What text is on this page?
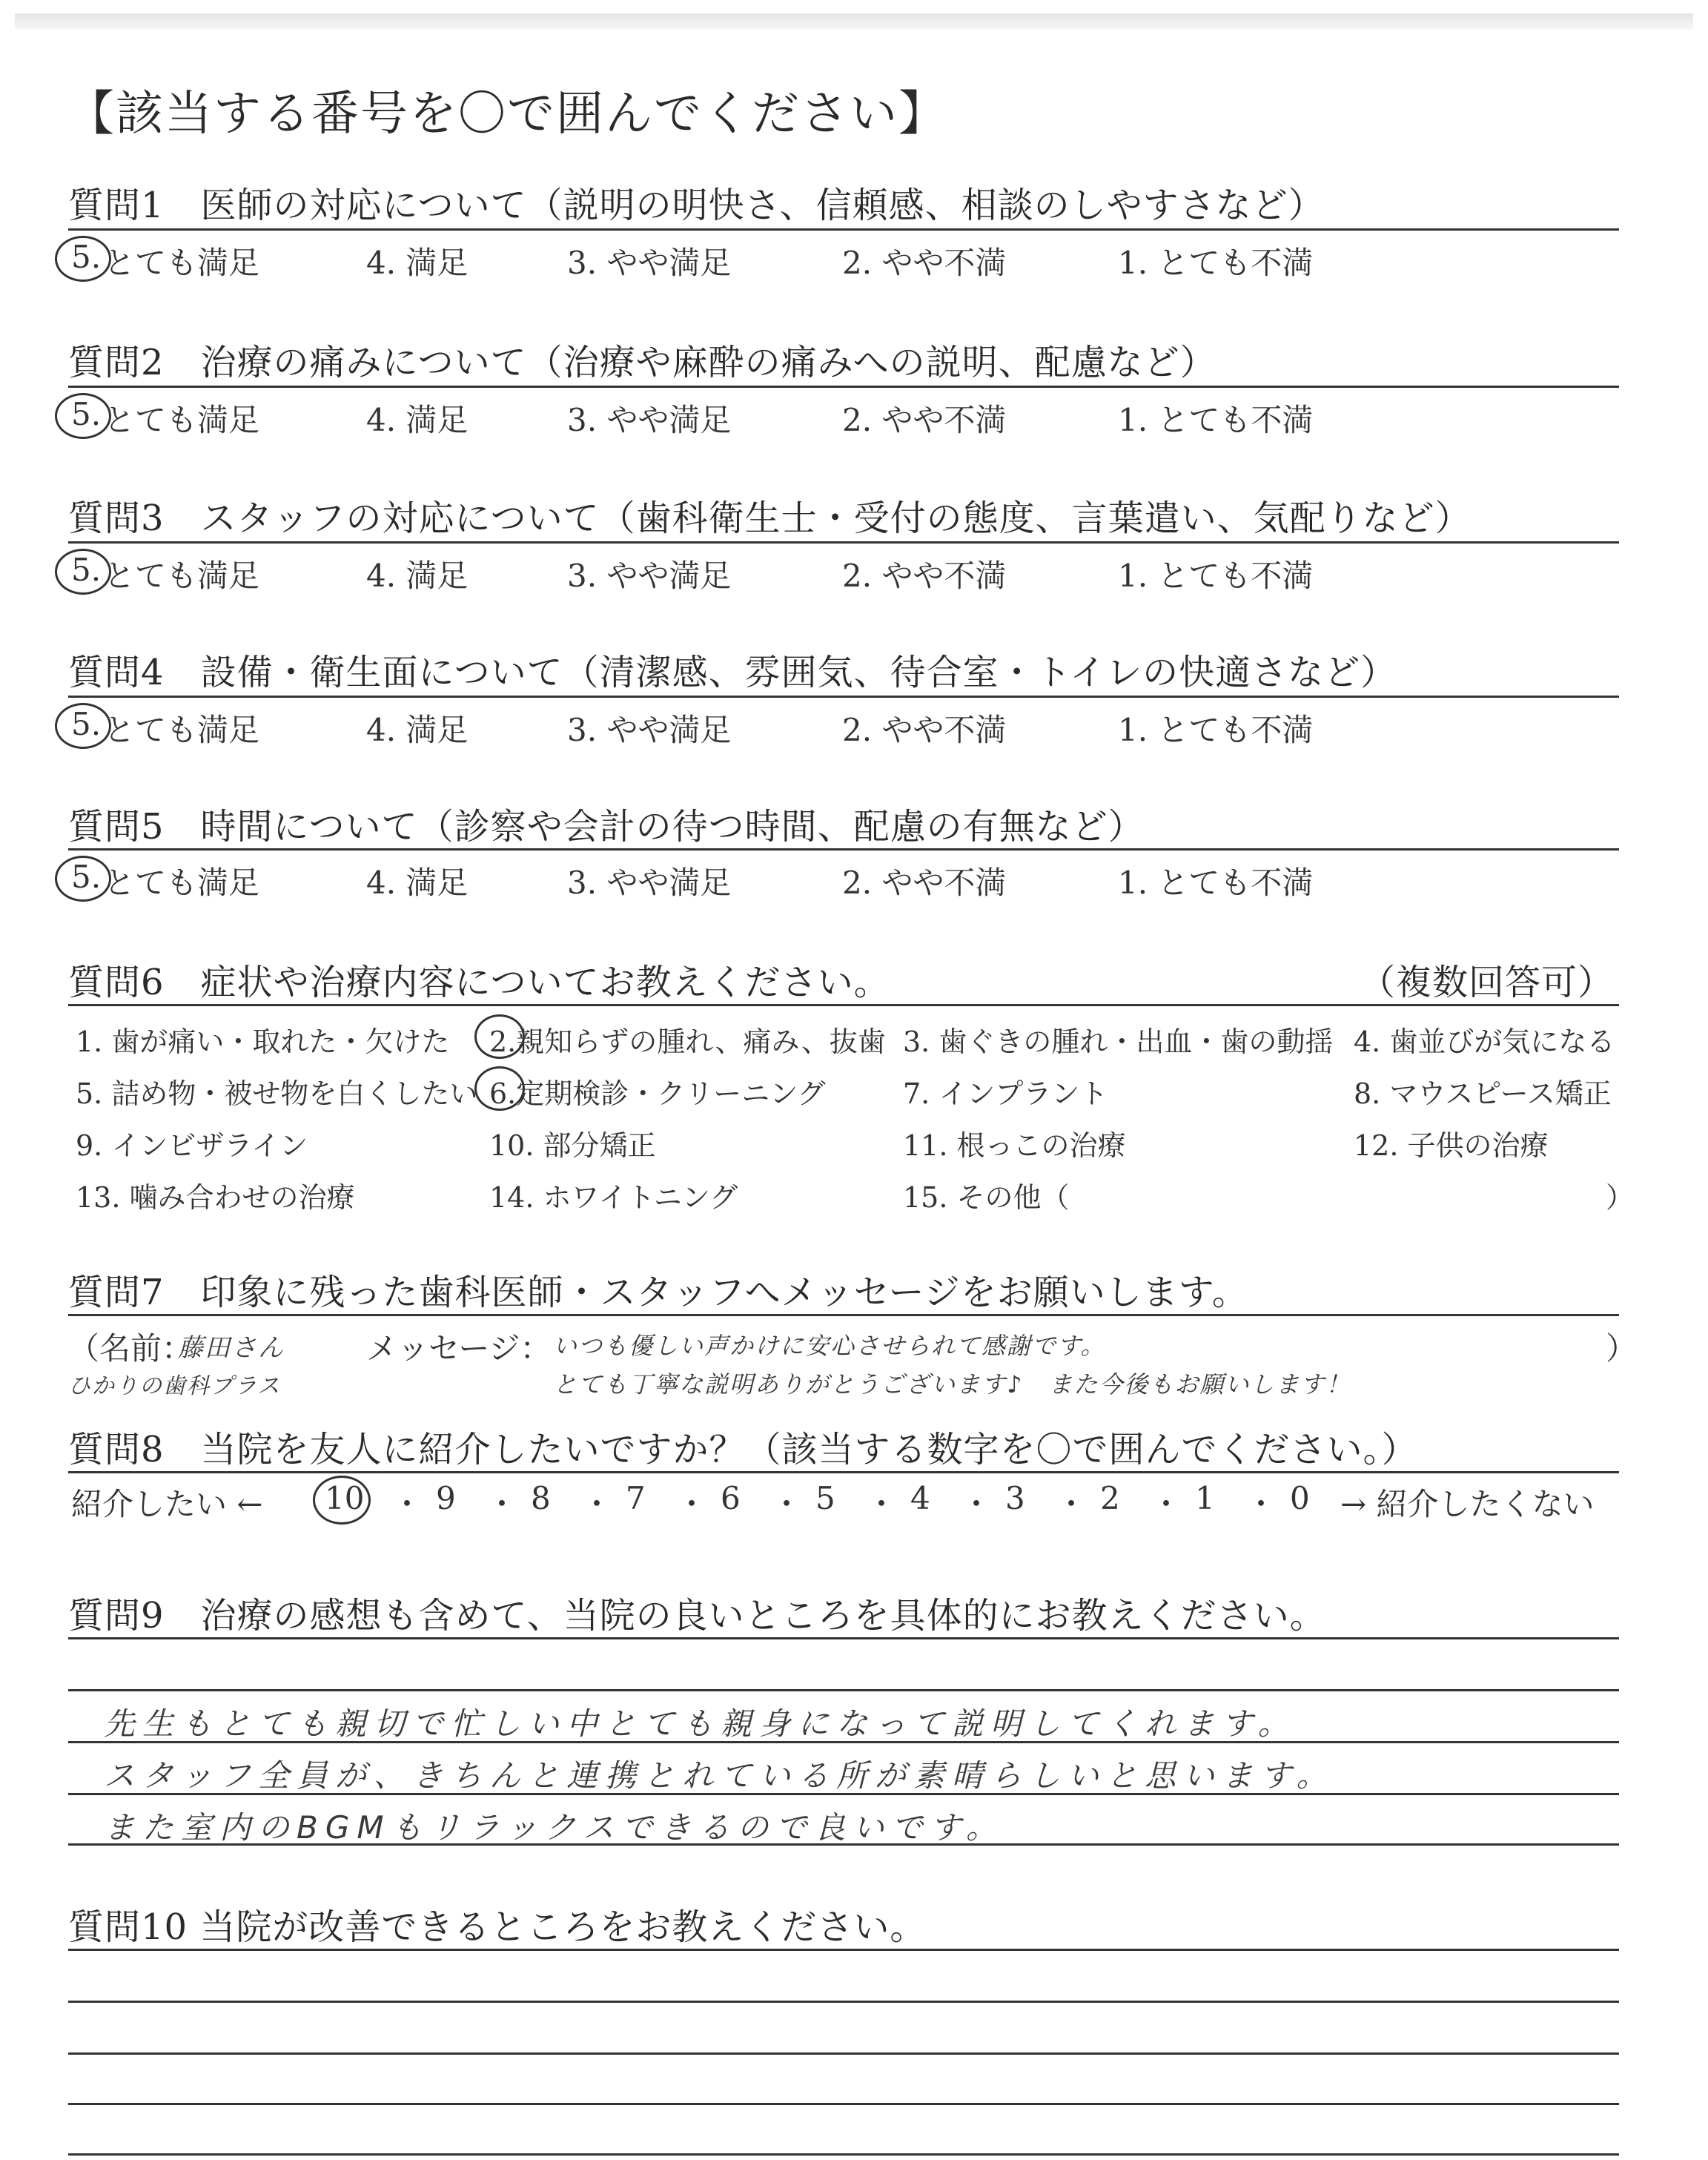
【該当する番号を〇で囲んでください】
質問1　医師の対応について（説明の明快さ、信頼感、相談のしやすさなど）
5. とても満足	4. 満足	3. やや満足	2. やや不満	1. とても不満
質問2　治療の痛みについて（治療や麻酔の痛みへの説明、配慮など）
5. とても満足	4. 満足	3. やや満足	2. やや不満	1. とても不満
質問3　スタッフの対応について（歯科衛生士・受付の態度、言葉遣い、気配りなど）
5. とても満足	4. 満足	3. やや満足	2. やや不満	1. とても不満
質問4　設備・衛生面について（清潔感、雰囲気、待合室・トイレの快適さなど）
5. とても満足	4. 満足	3. やや満足	2. やや不満	1. とても不満
質問5　時間について（診察や会計の待つ時間、配慮の有無など）
5. とても満足	4. 満足	3. やや満足	2. やや不満	1. とても不満
質問6　症状や治療内容についてお教えください。	（複数回答可）
1. 歯が痛い・取れた・欠けた 2.親知らずの腫れ、痛み、抜歯 3. 歯ぐきの腫れ・出血・歯の動揺 4. 歯並びが気になる
5. 詰め物・被せ物を白くしたい 6.定期検診・クリーニング	7. インプラント	8. マウスピース矯正
9. インビザライン	10. 部分矯正	11. 根っこの治療	12. 子供の治療
13. 噛み合わせの治療	14. ホワイトニング	15. その他（	）
質問7　印象に残った歯科医師・スタッフへメッセージをお願いします。
（名前：
藤田さん
ひかりの歯科プラス
メッセージ： いつも優しい声かけに安心させられて感謝です。
とても丁寧な説明ありがとうございます♪　また今後もお願いします！
）
質問8　当院を友人に紹介したいですか？（該当する数字を〇で囲んでください。）
紹介したい ← 10 ・ 9 ・ 8 ・ 7 ・ 6 ・ 5 ・ 4 ・ 3 ・ 2 ・ 1 ・ 0 → 紹介したくない
質問9　治療の感想も含めて、当院の良いところを具体的にお教えください。
先生もとても親切で忙しい中とても親身になって説明してくれます。
スタッフ全員が、きちんと連携とれている所が素晴らしいと思います。
また室内のBGMもリラックスできるので良いです。
質問10 当院が改善できるところをお教えください。
